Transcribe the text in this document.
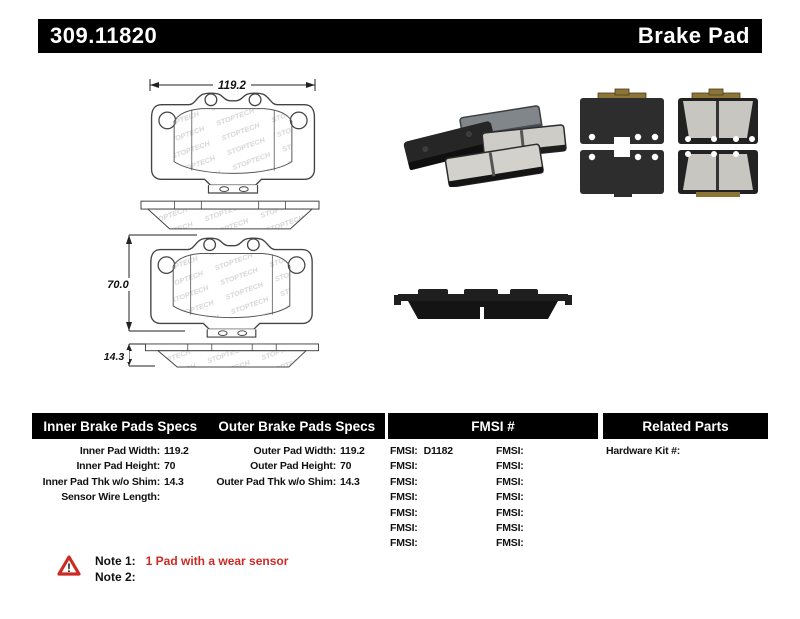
309.11820	Brake Pad
119.2
70.0
14.3
Inner Brake Pads Specs	Outer Brake Pads Specs	FMSI #	Related Parts
Inner Pad Width: 119.2
Inner Pad Height: 70
Inner Pad Thk w/o Shim: 14.3
Sensor Wire Length:
Outer Pad Width: 119.2
Outer Pad Height: 70
Outer Pad Thk w/o Shim: 14.3
FMSI: D1182
FMSI:
FMSI:
FMSI:
FMSI:
FMSI:
FMSI:
FMSI:
FMSI:
FMSI:
FMSI:
FMSI:
FMSI:
FMSI:
Hardware Kit #:
! Note 1: 1 Pad with a wear sensor
Note 2:
